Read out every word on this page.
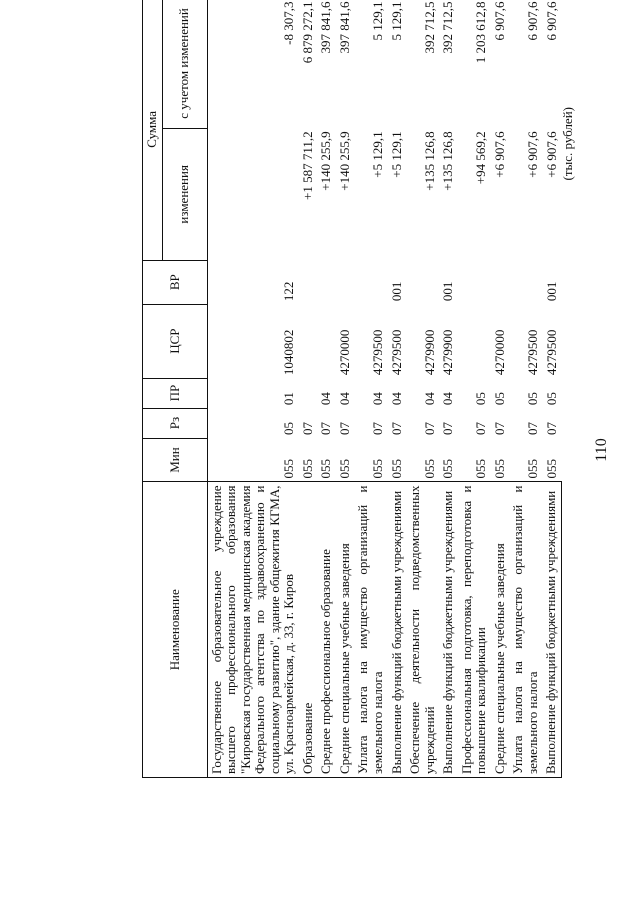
110
(тыс. рублей)
Наименование	Мин	Рз	ПР	ЦСР	ВР	Сумма	
						изменения	с учетом изменений
Государственное образовательное учреждение высшего профессионального образования "Кировская государственная медицинская академия Федерального агентства по здравоохранению и социальному развитию", здание общежития КГМА, ул. Красноармейская, д. 33, г. Киров	055	05	01	1040802	122		-8 307,3
Образование	055	07				+1 587 711,2	6 879 272,1
Среднее профессиональное образование	055	07	04			+140 255,9	397 841,6
Средние специальные учебные заведения	055	07	04	4270000		+140 255,9	397 841,6
Уплата налога на имущество организаций и земельного налога	055	07	04	4279500		+5 129,1	5 129,1
Выполнение функций бюджетными учреждениями	055	07	04	4279500	001	+5 129,1	5 129,1
Обеспечение деятельности подведомственных учреждений	055	07	04	4279900		+135 126,8	392 712,5
Выполнение функций бюджетными учреждениями	055	07	04	4279900	001	+135 126,8	392 712,5
Профессиональная подготовка, переподготовка и повышение квалификации	055	07	05			+94 569,2	1 203 612,8
Средние специальные учебные заведения	055	07	05	4270000		+6 907,6	6 907,6
Уплата налога на имущество организаций и земельного налога	055	07	05	4279500		+6 907,6	6 907,6
Выполнение функций бюджетными учреждениями	055	07	05	4279500	001	+6 907,6	6 907,6
